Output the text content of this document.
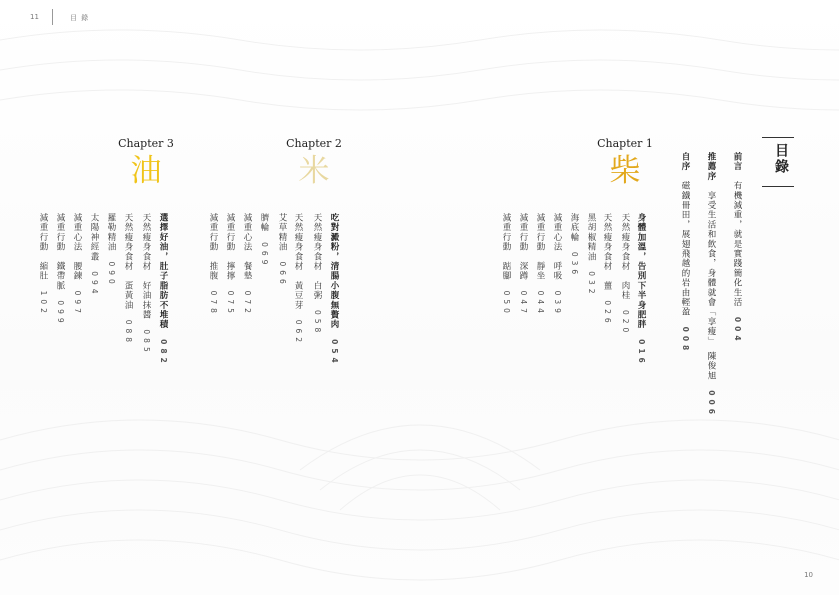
11	目 錄
10
目錄
前言　有機減重，就是實踐簡化生活　004
推薦序　享受生活和飲食，身體就會「享瘦」　陳俊旭　006
自序　磁鐵冊田，展翅飛越的岩由輕盈　008
Chapter 1
柴
Chapter 2
米
Chapter 3
油
身體加溫，告別下半身肥胖　016
天然瘦身食材　肉桂　020
天然瘦身食材　薑　026
黑胡椒精油　032
海底輪　036
減重心法　呼吸　039
減重行動　靜坐　044
減重行動　深蹲　047
減重行動　踮腳　050
吃對澱粉，清腸小腹無贅肉　054
天然瘦身食材　白粥　058
天然瘦身食材　黃豆芽　062
艾草精油　066
臍輪　069
減重心法　餐墊　072
減重行動　擰擰　075
減重行動　推腹　078
選擇好油，肚子脂肪不堆積　082
天然瘦身食材　好油抹醬　085
天然瘦身食材　蛋黃油　088
羅勒精油　090
太陽神經叢　094
減重心法　腰鍊　097
減重行動　鐵帶脈　099
減重行動　縮肚　102
